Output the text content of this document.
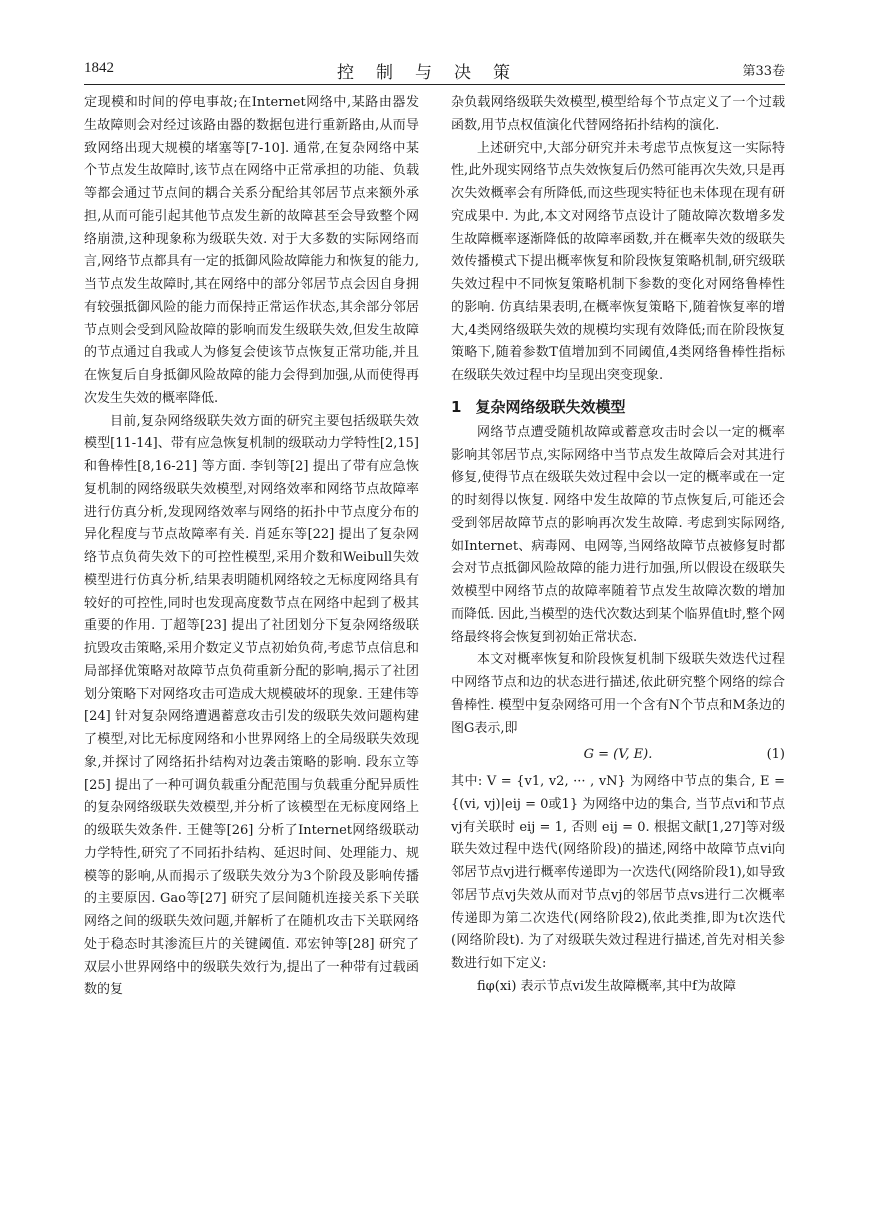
1842	控制与决策	第33卷

定现模和时间的停电事故;在Internet网络中,某路由器发生故障则会对经过该路由器的数据包进行重新路由,从而导致网络出现大规模的堵塞等[7-10]. 通常,在复杂网络中某个节点发生故障时,该节点在网络中正常承担的功能、负载等都会通过节点间的耦合关系分配给其邻居节点来额外承担,从而可能引起其他节点发生新的故障甚至会导致整个网络崩溃,这种现象称为级联失效. 对于大多数的实际网络而言,网络节点都具有一定的抵御风险故障能力和恢复的能力, 当节点发生故障时,其在网络中的部分邻居节点会因自身拥有较强抵御风险的能力而保持正常运作状态,其余部分邻居节点则会受到风险故障的影响而发生级联失效,但发生故障的节点通过自我或人为修复会使该节点恢复正常功能,并且在恢复后自身抵御风险故障的能力会得到加强,从而使得再次发生失效的概率降低.

目前,复杂网络级联失效方面的研究主要包括级联失效模型[11-14]、带有应急恢复机制的级联动力学特性[2,15] 和鲁棒性[8,16-21] 等方面. 李钊等[2] 提出了带有应急恢复机制的网络级联失效模型,对网络效率和网络节点故障率进行仿真分析,发现网络效率与网络的拓扑中节点度分布的异化程度与节点故障率有关. 肖延东等[22] 提出了复杂网络节点负荷失效下的可控性模型,采用介数和Weibull失效模型进行仿真分析,结果表明随机网络较之无标度网络具有较好的可控性,同时也发现高度数节点在网络中起到了极其重要的作用. 丁超等[23] 提出了社团划分下复杂网络级联抗毁攻击策略,采用介数定义节点初始负荷,考虑节点信息和局部择优策略对故障节点负荷重新分配的影响,揭示了社团划分策略下对网络攻击可造成大规模破坏的现象. 王建伟等[24] 针对复杂网络遭遇蓄意攻击引发的级联失效问题构建了模型,对比无标度网络和小世界网络上的全局级联失效现象,并探讨了网络拓扑结构对边袭击策略的影响. 段东立等[25] 提出了一种可调负载重分配范围与负载重分配异质性的复杂网络级联失效模型,并分析了该模型在无标度网络上的级联失效条件. 王健等[26] 分析了Internet网络级联动力学特性,研究了不同拓扑结构、延迟时间、处理能力、规模等的影响,从而揭示了级联失效分为3个阶段及影响传播的主要原因. Gao等[27] 研究了层间随机连接关系下关联网络之间的级联失效问题,并解析了在随机攻击下关联网络处于稳态时其渗流巨片的关键阈值. 邓宏钟等[28] 研究了双层小世界网络中的级联失效行为,提出了一种带有过载函数的复

杂负载网络级联失效模型,模型给每个节点定义了一个过载函数,用节点权值演化代替网络拓扑结构的演化.

上述研究中,大部分研究并未考虑节点恢复这一实际特性,此外现实网络节点失效恢复后仍然可能再次失效,只是再次失效概率会有所降低,而这些现实特征也未体现在现有研究成果中. 为此,本文对网络节点设计了随故障次数增多发生故障概率逐渐降低的故障率函数,并在概率失效的级联失效传播模式下提出概率恢复和阶段恢复策略机制,研究级联失效过程中不同恢复策略机制下参数的变化对网络鲁棒性的影响. 仿真结果表明,在概率恢复策略下,随着恢复率的增大,4类网络级联失效的规模均实现有效降低;而在阶段恢复策略下,随着参数T值增加到不同阈值,4类网络鲁棒性指标在级联失效过程中均呈现出突变现象.

1 复杂网络级联失效模型

网络节点遭受随机故障或蓄意攻击时会以一定的概率影响其邻居节点,实际网络中当节点发生故障后会对其进行修复,使得节点在级联失效过程中会以一定的概率或在一定的时刻得以恢复. 网络中发生故障的节点恢复后,可能还会受到邻居故障节点的影响再次发生故障. 考虑到实际网络,如Internet、病毒网、电网等,当网络故障节点被修复时都会对节点抵御风险故障的能力进行加强,所以假设在级联失效模型中网络节点的故障率随着节点发生故障次数的增加而降低. 因此,当模型的迭代次数达到某个临界值t时,整个网络最终将会恢复到初始正常状态.

本文对概率恢复和阶段恢复机制下级联失效迭代过程中网络节点和边的状态进行描述,依此研究整个网络的综合鲁棒性. 模型中复杂网络可用一个含有N个节点和M条边的图G表示,即

G = (V, E).	(1)

其中: V = {v1, v2, ··· , vN} 为网络中节点的集合, E = {(vi, vj)|eij = 0或1} 为网络中边的集合, 当节点vi和节点vj有关联时 eij = 1, 否则 eij = 0. 根据文献[1,27]等对级联失效过程中迭代(网络阶段)的描述,网络中故障节点vi向邻居节点vj进行概率传递即为一次迭代(网络阶段1),如导致邻居节点vj失效从而对节点vj的邻居节点vs进行二次概率传递即为第二次迭代(网络阶段2),依此类推,即为t次迭代(网络阶段t). 为了对级联失效过程进行描述,首先对相关参数进行如下定义:

fiφ(xi) 表示节点vi发生故障概率,其中f为故障
